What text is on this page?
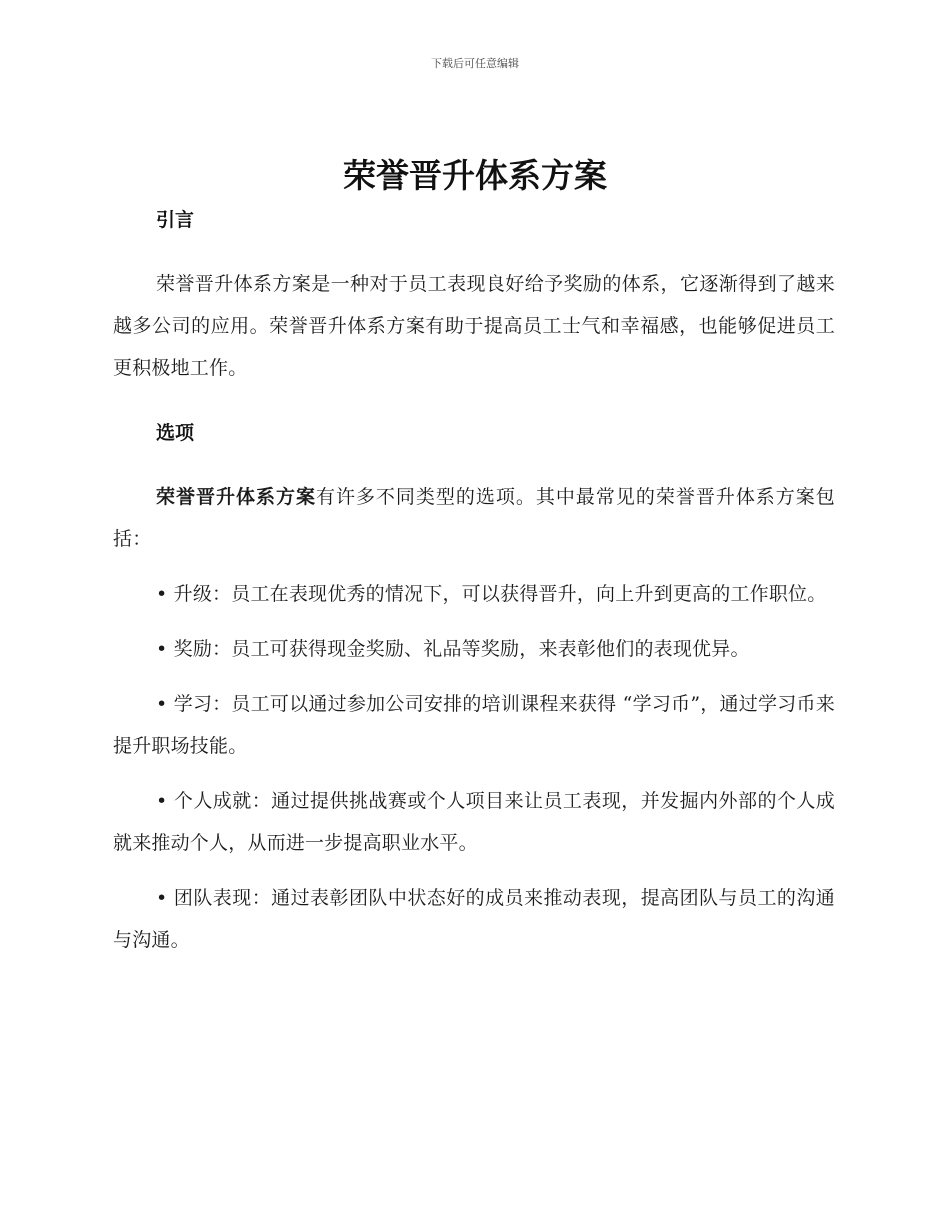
下载后可任意编辑
荣誉晋升体系方案
引言

荣誉晋升体系方案是一种对于员工表现良好给予奖励的体系，它逐渐得到了越来越多公司的应用。荣誉晋升体系方案有助于提高员工士气和幸福感，也能够促进员工更积极地工作。

选项

荣誉晋升体系方案有许多不同类型的选项。其中最常见的荣誉晋升体系方案包括：

• 升级：员工在表现优秀的情况下，可以获得晋升，向上升到更高的工作职位。

• 奖励：员工可获得现金奖励、礼品等奖励，来表彰他们的表现优异。

• 学习：员工可以通过参加公司安排的培训课程来获得 “学习币”，通过学习币来提升职场技能。

• 个人成就：通过提供挑战赛或个人项目来让员工表现，并发掘内外部的个人成就来推动个人，从而进一步提高职业水平。

• 团队表现：通过表彰团队中状态好的成员来推动表现，提高团队与员工的沟通与沟通。
